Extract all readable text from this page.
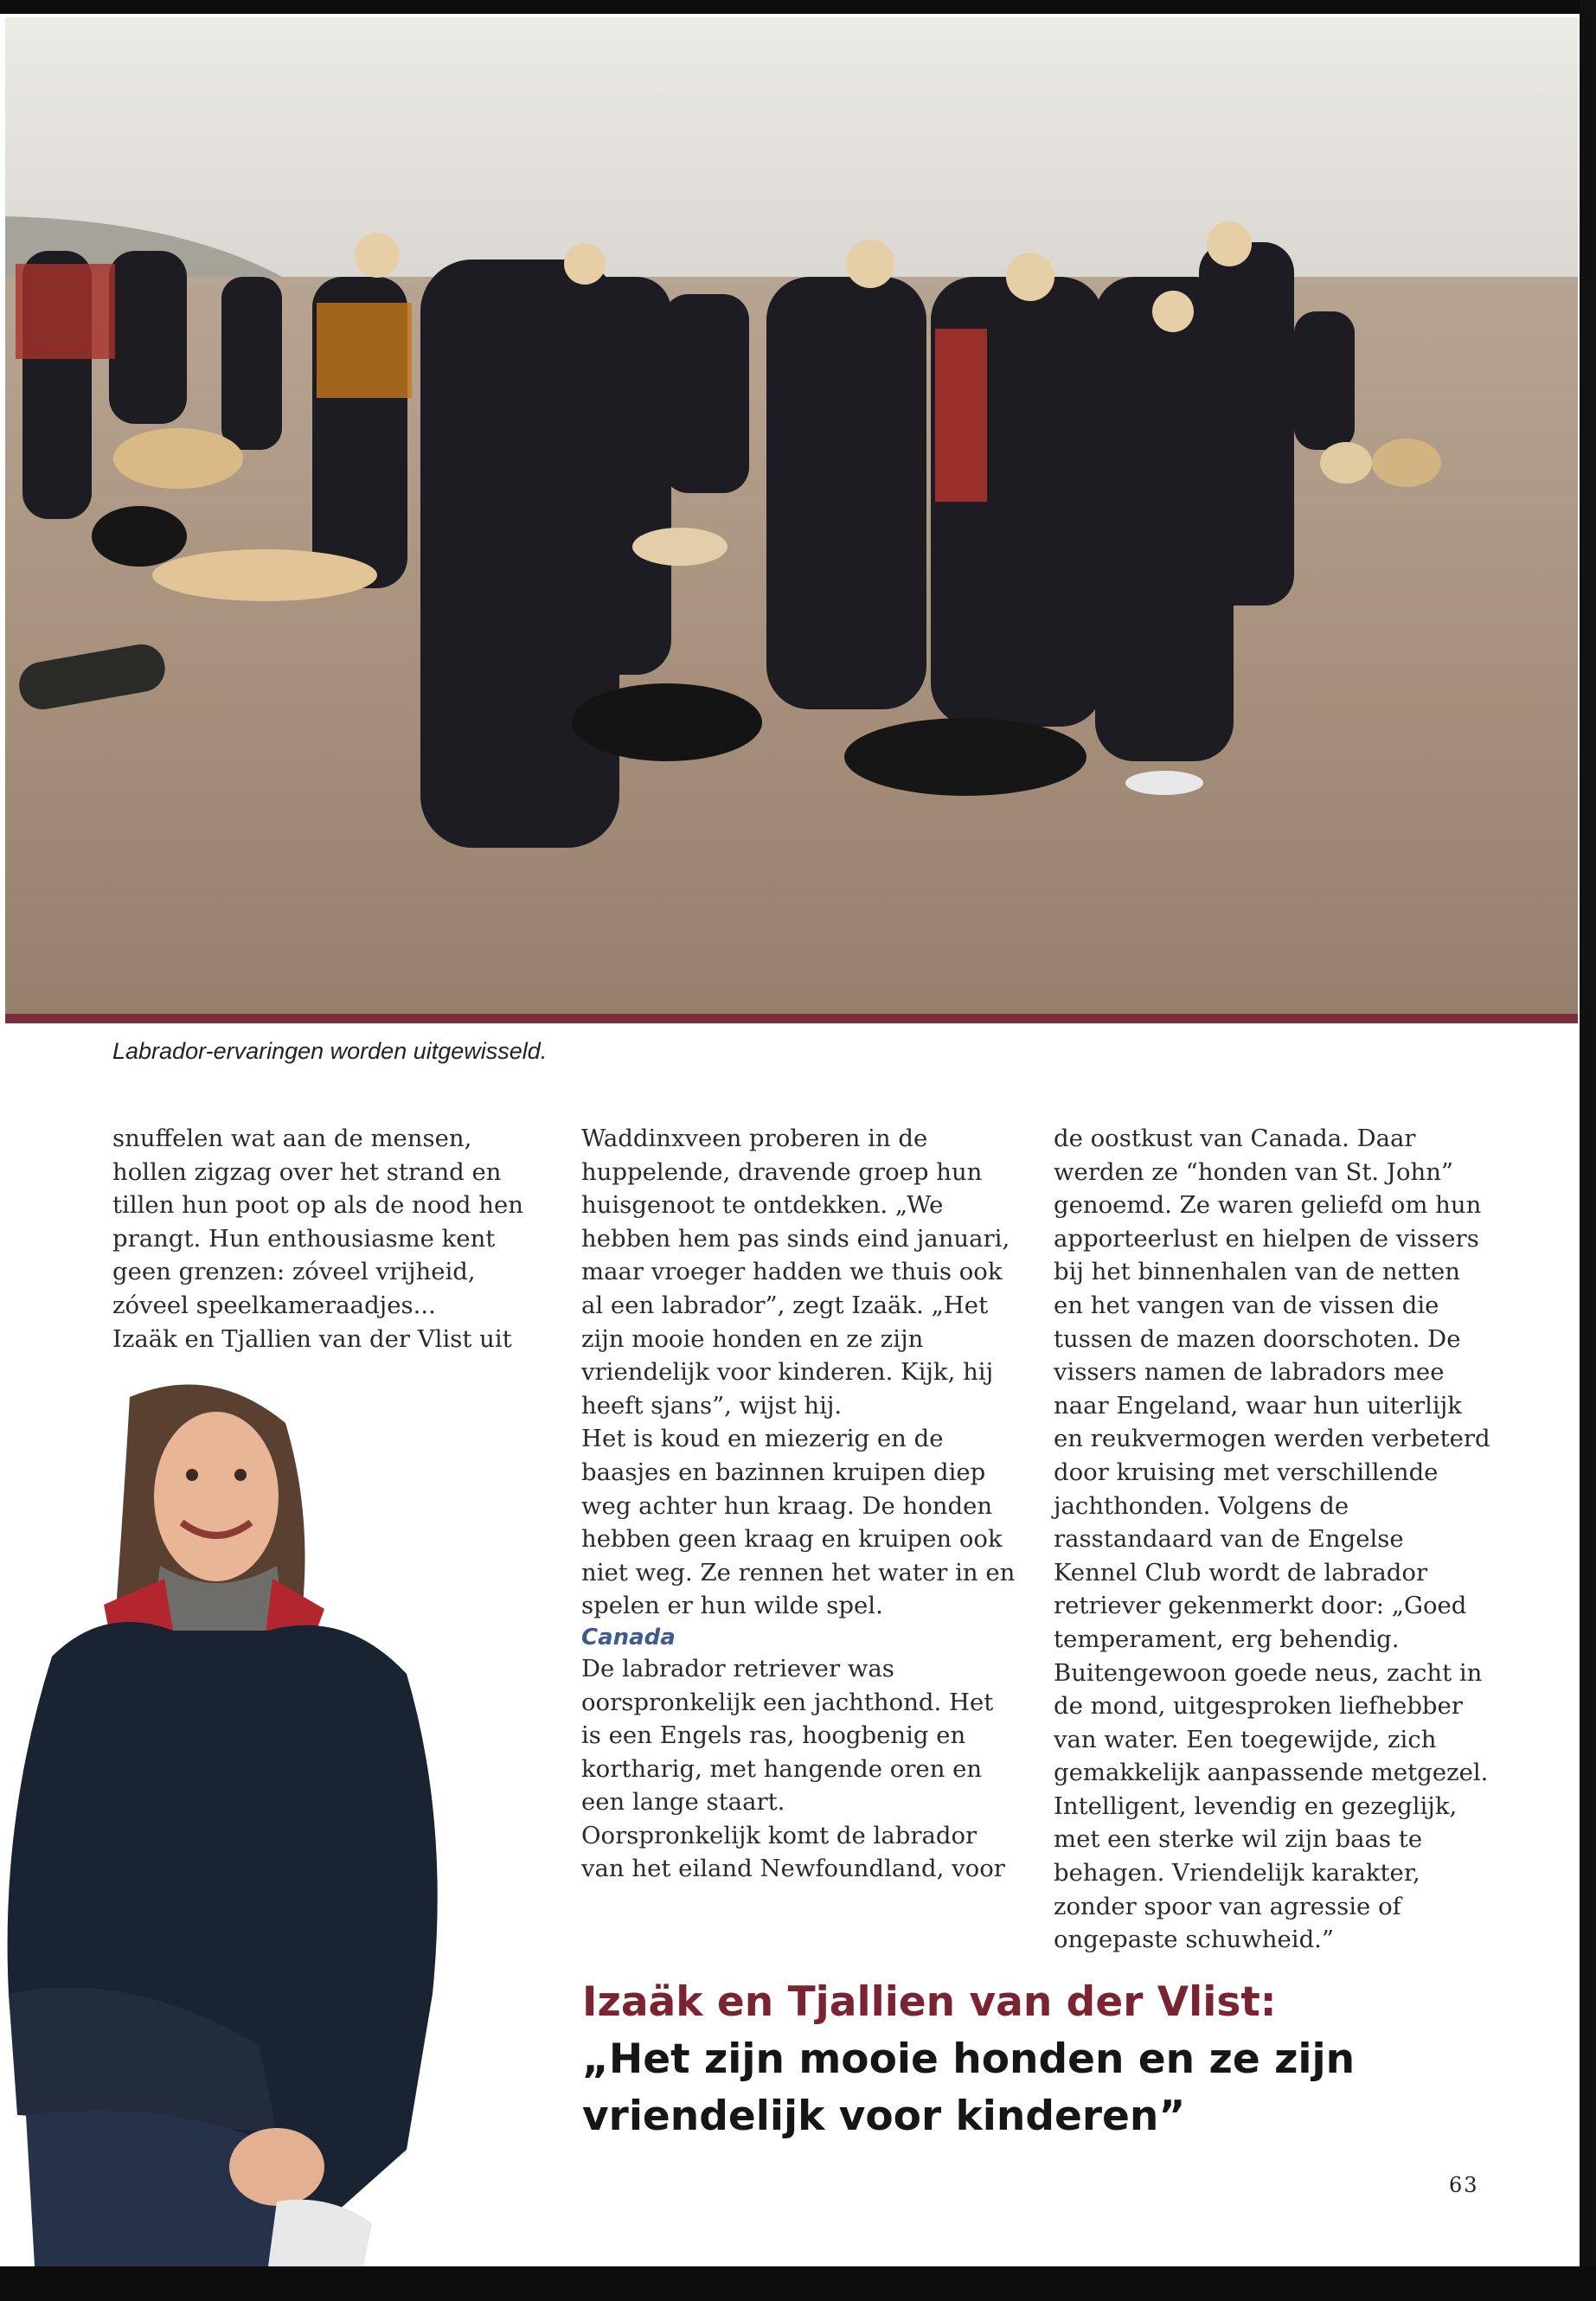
Labrador-ervaringen worden uitgewisseld.

snuffelen wat aan de mensen, hollen zigzag over het strand en tillen hun poot op als de nood hen prangt. Hun enthousiasme kent geen grenzen: zóveel vrijheid, zóveel speelkameraadjes...

Izaäk en Tjallien van der Vlist uit

Waddinxveen proberen in de huppelende, dravende groep hun huisgenoot te ontdekken. „We hebben hem pas sinds eind januari, maar vroeger hadden we thuis ook al een labrador”, zegt Izaäk. „Het zijn mooie honden en ze zijn vriendelijk voor kinderen. Kijk, hij heeft sjans”, wijst hij.

Het is koud en miezerig en de baasjes en bazinnen kruipen diep weg achter hun kraag. De honden hebben geen kraag en kruipen ook niet weg. Ze rennen het water in en spelen er hun wilde spel.

Canada

De labrador retriever was oorspronkelijk een jachthond. Het is een Engels ras, hoogbenig en kortharig, met hangende oren en een lange staart.

Oorspronkelijk komt de labrador van het eiland Newfoundland, voor

de oostkust van Canada. Daar werden ze “honden van St. John” genoemd. Ze waren geliefd om hun apporteerlust en hielpen de vissers bij het binnenhalen van de netten en het vangen van de vissen die tussen de mazen doorschoten. De vissers namen de labradors mee naar Engeland, waar hun uiterlijk en reukvermogen werden verbeterd door kruising met verschillende jachthonden. Volgens de rasstandaard van de Engelse Kennel Club wordt de labrador retriever gekenmerkt door: „Goed temperament, erg behendig. Buitengewoon goede neus, zacht in de mond, uitgesproken liefhebber van water. Een toegewijde, zich gemakkelijk aanpassende metgezel. Intelligent, levendig en gezeglijk, met een sterke wil zijn baas te behagen. Vriendelijk karakter, zonder spoor van agressie of ongepaste schuwheid.”

Izaäk en Tjallien van der Vlist:
„Het zijn mooie honden en ze zijn vriendelijk voor kinderen”
63
